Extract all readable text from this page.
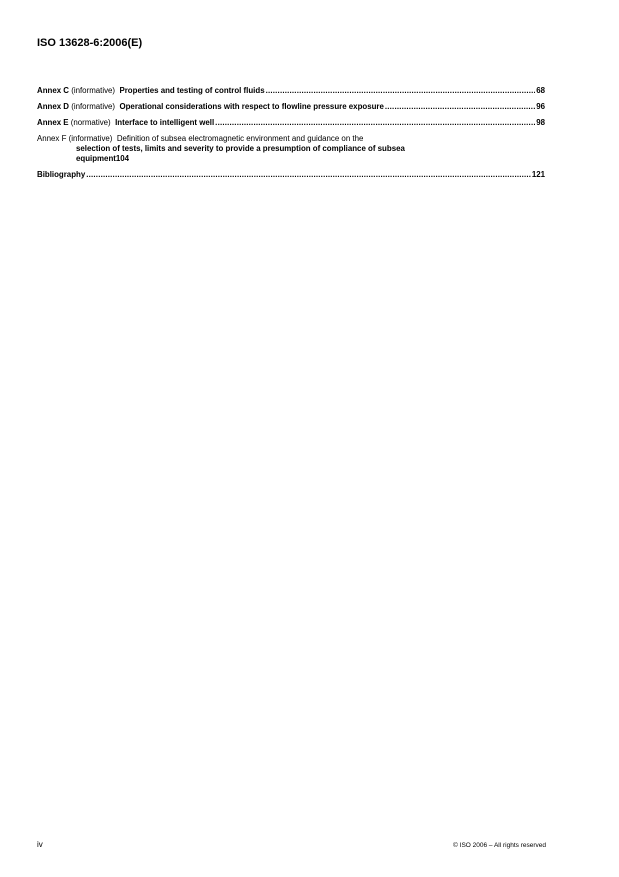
ISO 13628-6:2006(E)
Annex C (informative) Properties and testing of control fluids .....	68
Annex D (informative) Operational considerations with respect to flowline pressure exposure .....	96
Annex E (normative) Interface to intelligent well .....	98
Annex F (informative) Definition of subsea electromagnetic environment and guidance on the
selection of tests, limits and severity to provide a presumption of compliance of subsea
equipment 104
Bibliography .....	121
iv	© ISO 2006 – All rights reserved
